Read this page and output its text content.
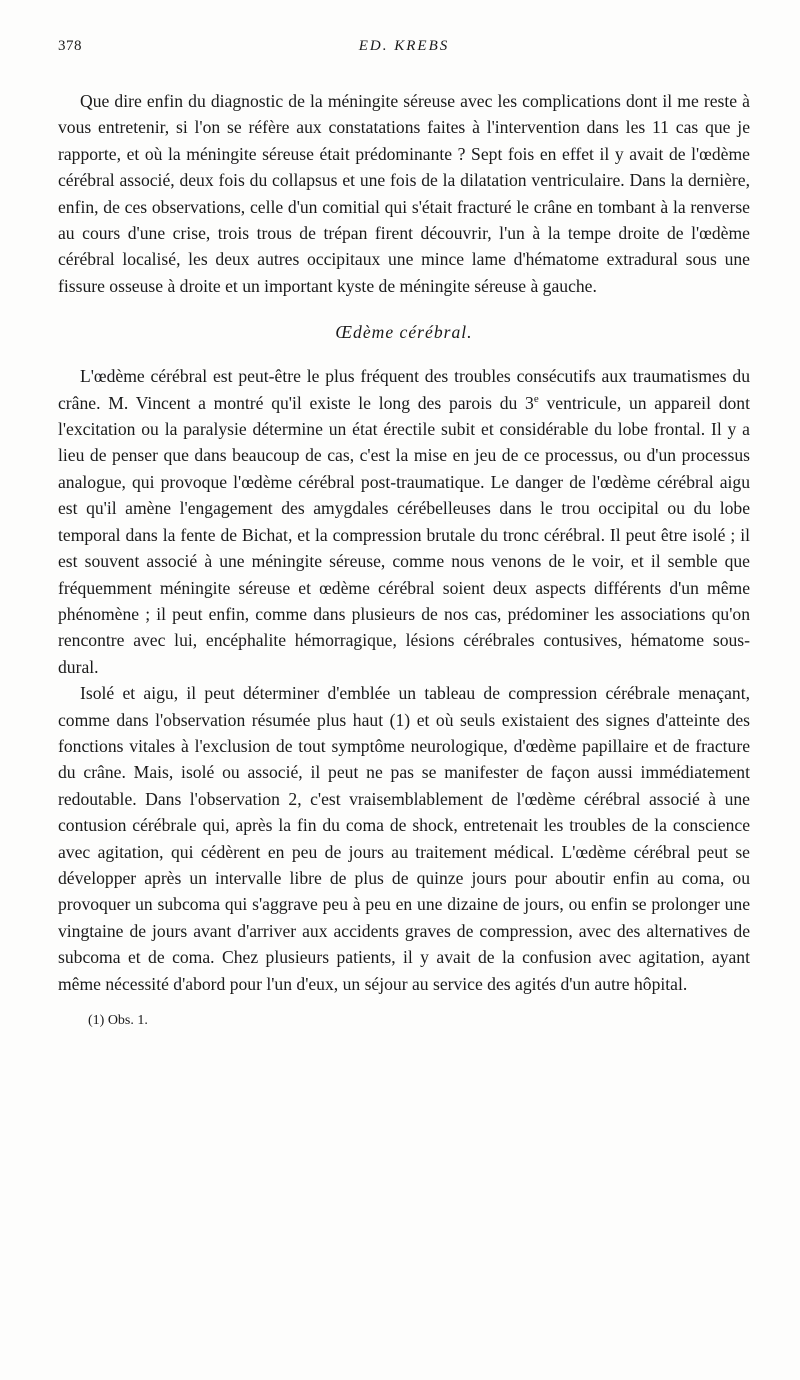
378	ED. KREBS

Que dire enfin du diagnostic de la méningite séreuse avec les complications dont il me reste à vous entretenir, si l'on se réfère aux constatations faites à l'intervention dans les 11 cas que je rapporte, et où la méningite séreuse était prédominante ? Sept fois en effet il y avait de l'œdème cérébral associé, deux fois du collapsus et une fois de la dilatation ventriculaire. Dans la dernière, enfin, de ces observations, celle d'un comitial qui s'était fracturé le crâne en tombant à la renverse au cours d'une crise, trois trous de trépan firent découvrir, l'un à la tempe droite de l'œdème cérébral localisé, les deux autres occipitaux une mince lame d'hématome extradural sous une fissure osseuse à droite et un important kyste de méningite séreuse à gauche.

Œdème cérébral.

L'œdème cérébral est peut-être le plus fréquent des troubles consécutifs aux traumatismes du crâne. M. Vincent a montré qu'il existe le long des parois du 3e ventricule, un appareil dont l'excitation ou la paralysie détermine un état érectile subit et considérable du lobe frontal. Il y a lieu de penser que dans beaucoup de cas, c'est la mise en jeu de ce processus, ou d'un processus analogue, qui provoque l'œdème cérébral post-traumatique. Le danger de l'œdème cérébral aigu est qu'il amène l'engagement des amygdales cérébelleuses dans le trou occipital ou du lobe temporal dans la fente de Bichat, et la compression brutale du tronc cérébral. Il peut être isolé ; il est souvent associé à une méningite séreuse, comme nous venons de le voir, et il semble que fréquemment méningite séreuse et œdème cérébral soient deux aspects différents d'un même phénomène ; il peut enfin, comme dans plusieurs de nos cas, prédominer les associations qu'on rencontre avec lui, encéphalite hémorragique, lésions cérébrales contusives, hématome sous-dural.

Isolé et aigu, il peut déterminer d'emblée un tableau de compression cérébrale menaçant, comme dans l'observation résumée plus haut (1) et où seuls existaient des signes d'atteinte des fonctions vitales à l'exclusion de tout symptôme neurologique, d'œdème papillaire et de fracture du crâne. Mais, isolé ou associé, il peut ne pas se manifester de façon aussi immédiatement redoutable. Dans l'observation 2, c'est vraisemblablement de l'œdème cérébral associé à une contusion cérébrale qui, après la fin du coma de shock, entretenait les troubles de la conscience avec agitation, qui cédèrent en peu de jours au traitement médical. L'œdème cérébral peut se développer après un intervalle libre de plus de quinze jours pour aboutir enfin au coma, ou provoquer un subcoma qui s'aggrave peu à peu en une dizaine de jours, ou enfin se prolonger une vingtaine de jours avant d'arriver aux accidents graves de compression, avec des alternatives de subcoma et de coma. Chez plusieurs patients, il y avait de la confusion avec agitation, ayant même nécessité d'abord pour l'un d'eux, un séjour au service des agités d'un autre hôpital.

(1) Obs. 1.
